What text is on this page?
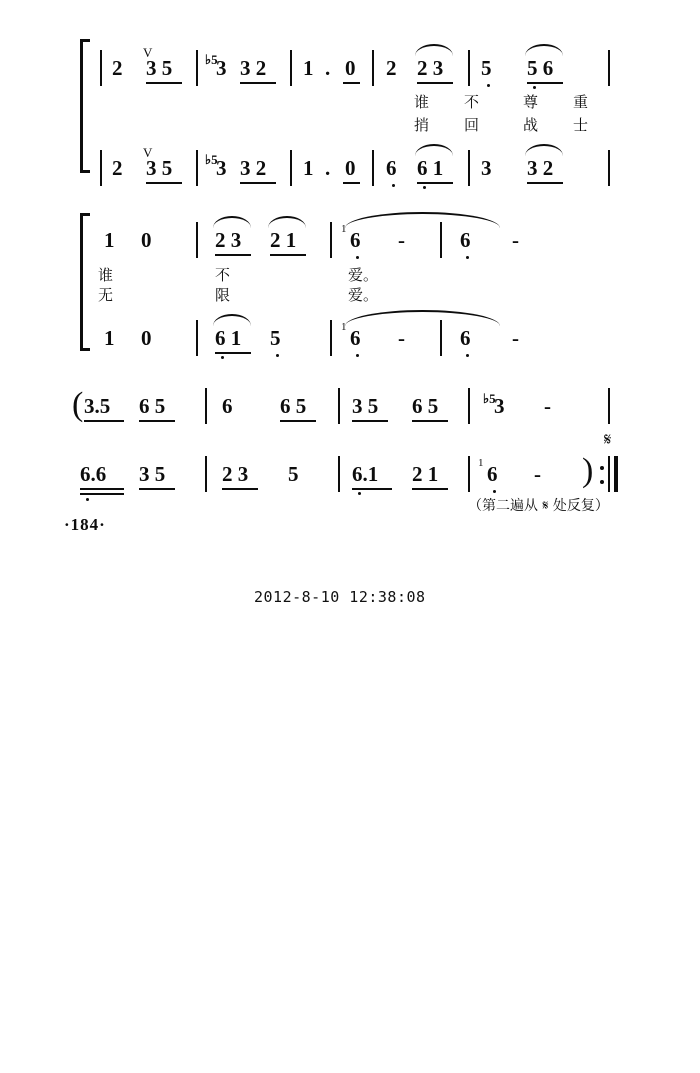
2
V
3 5	♭5
3 3 2 1 . 0 2 2 3 5 5 6
谁 不	尊 重
捎 回	战 士
2
V
3 5	♭5
3 3 2 1 . 0 6 6 1 3 3 2
1 0	2 3 2 1	1 6 -	6 -
谁	不	爱。
无	限	爱。
1 0	6 1 5	1 6 -	6 -
( 3.5 6 5	6 6 5 3 5 6 5	♭5
3 -
6.6 3 5	2 3 5	6.1 2 1	1 6 - )
𝄋
（第二遍从 𝄋 处反复）
·184·
2012-8-10 12:38:08
